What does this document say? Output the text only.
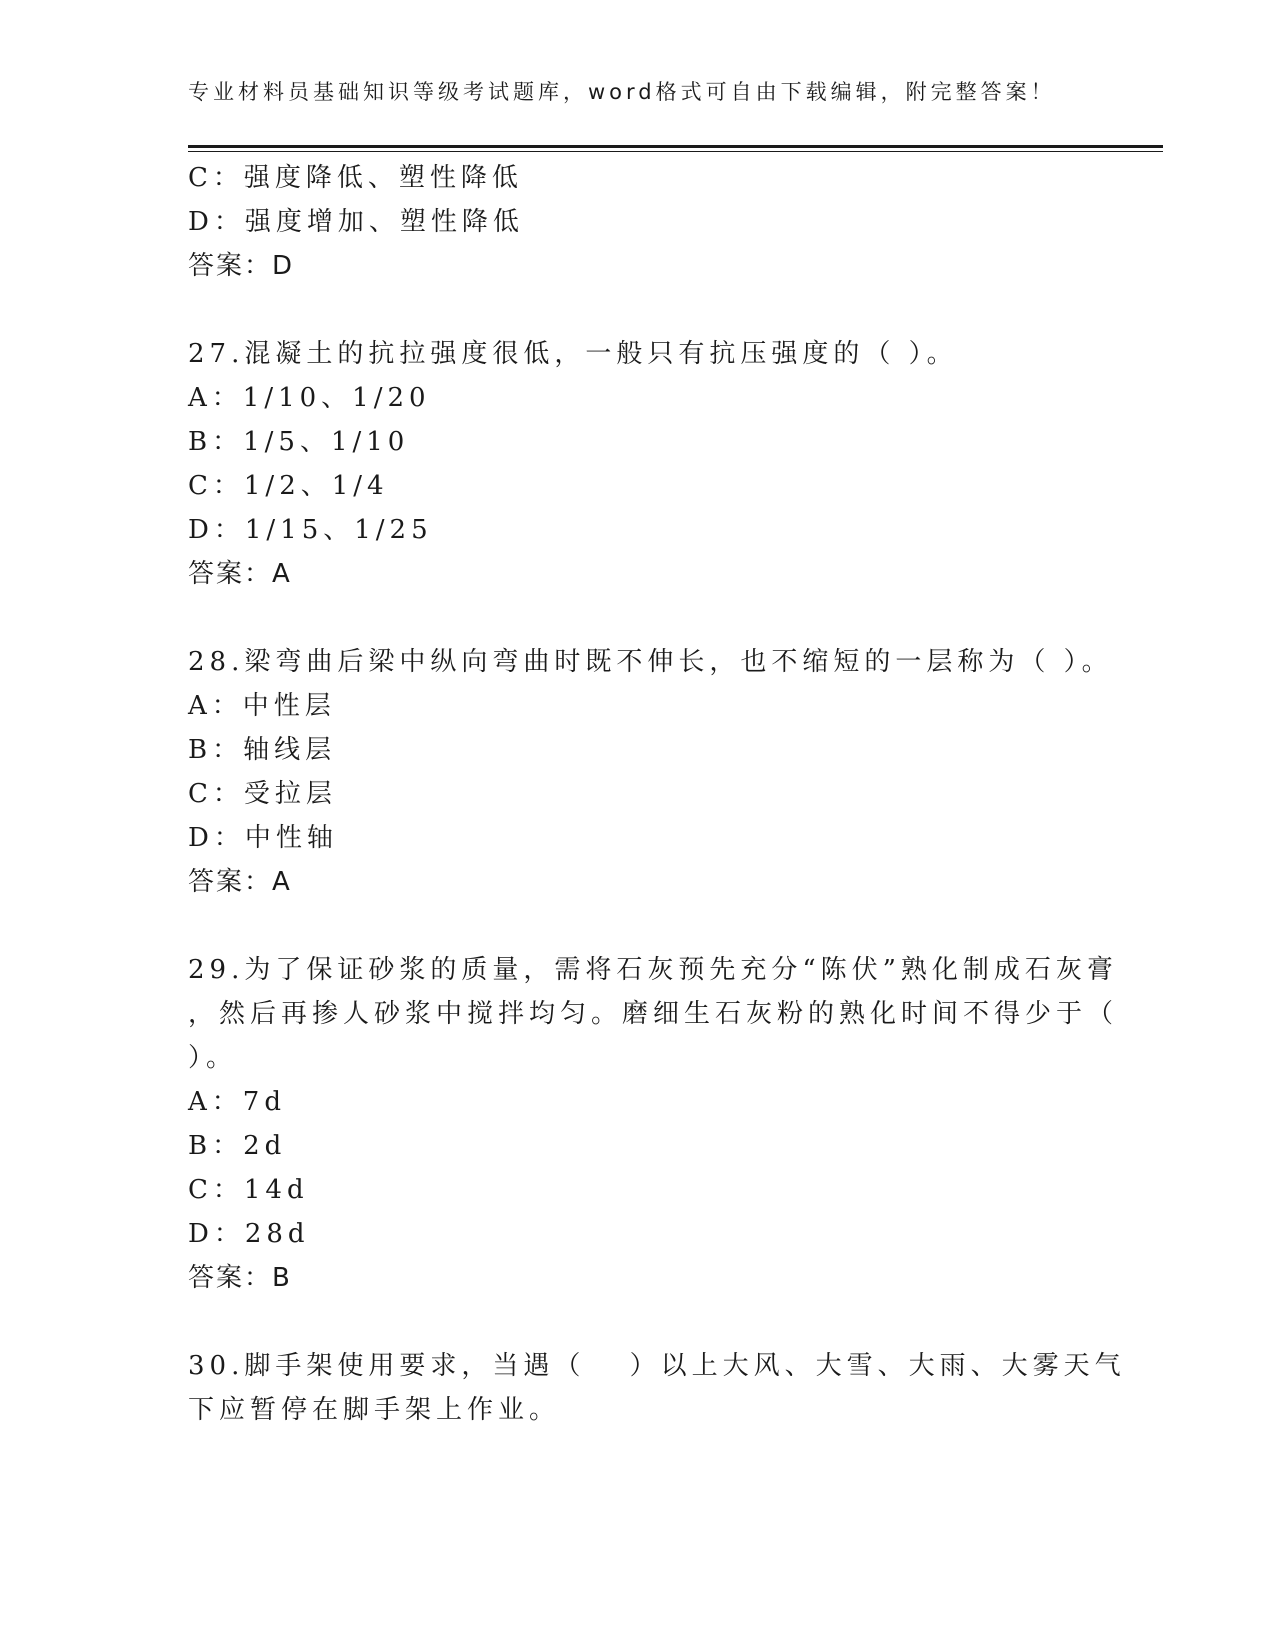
专业材料员基础知识等级考试题库，word格式可自由下载编辑，附完整答案！
C：强度降低、塑性降低
D：强度增加、塑性降低
答案：D
27.混凝土的抗拉强度很低，一般只有抗压强度的（ ）。
A：1/10、1/20
B：1/5、1/10
C：1/2、1/4
D：1/15、1/25
答案：A
28.梁弯曲后梁中纵向弯曲时既不伸长，也不缩短的一层称为（ ）。
A：中性层
B：轴线层
C：受拉层
D：中性轴
答案：A
29.为了保证砂浆的质量，需将石灰预先充分“陈伏”熟化制成石灰膏
，然后再掺人砂浆中搅拌均匀。磨细生石灰粉的熟化时间不得少于（
）。
A：7d
B：2d
C：14d
D：28d
答案：B
30.脚手架使用要求，当遇（　 ）以上大风、大雪、大雨、大雾天气
下应暂停在脚手架上作业。
